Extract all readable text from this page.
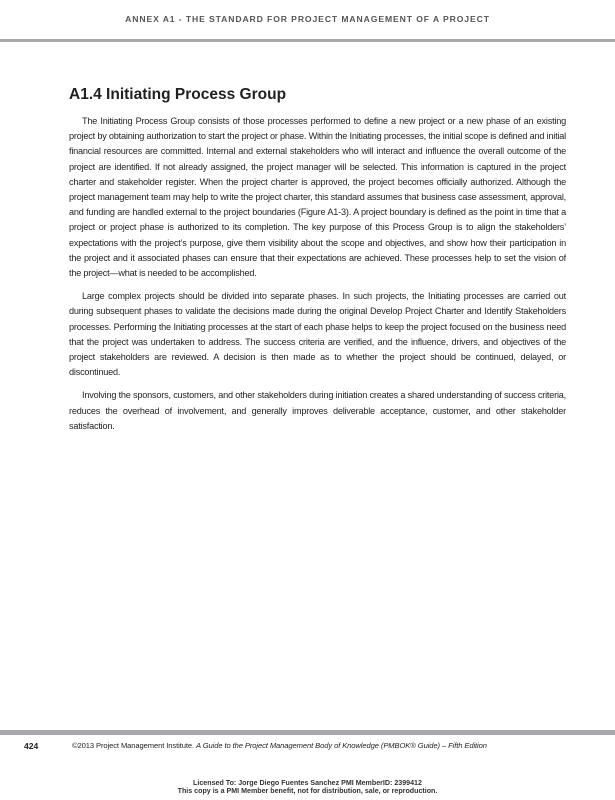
ANNEX A1 - THE STANDARD FOR PROJECT MANAGEMENT OF A PROJECT
A1.4 Initiating Process Group

The Initiating Process Group consists of those processes performed to define a new project or a new phase of an existing project by obtaining authorization to start the project or phase. Within the Initiating processes, the initial scope is defined and initial financial resources are committed. Internal and external stakeholders who will interact and influence the overall outcome of the project are identified. If not already assigned, the project manager will be selected. This information is captured in the project charter and stakeholder register. When the project charter is approved, the project becomes officially authorized. Although the project management team may help to write the project charter, this standard assumes that business case assessment, approval, and funding are handled external to the project boundaries (Figure A1-3). A project boundary is defined as the point in time that a project or project phase is authorized to its completion. The key purpose of this Process Group is to align the stakeholders’ expectations with the project’s purpose, give them visibility about the scope and objectives, and show how their participation in the project and it associated phases can ensure that their expectations are achieved. These processes help to set the vision of the project—what is needed to be accomplished.

Large complex projects should be divided into separate phases. In such projects, the Initiating processes are carried out during subsequent phases to validate the decisions made during the original Develop Project Charter and Identify Stakeholders processes. Performing the Initiating processes at the start of each phase helps to keep the project focused on the business need that the project was undertaken to address. The success criteria are verified, and the influence, drivers, and objectives of the project stakeholders are reviewed. A decision is then made as to whether the project should be continued, delayed, or discontinued.

Involving the sponsors, customers, and other stakeholders during initiation creates a shared understanding of success criteria, reduces the overhead of involvement, and generally improves deliverable acceptance, customer, and other stakeholder satisfaction.

424	©2013 Project Management Institute. A Guide to the Project Management Body of Knowledge (PMBOK® Guide) – Fifth Edition
Licensed To: Jorge Diego Fuentes Sanchez PMI MemberID: 2399412
This copy is a PMI Member benefit, not for distribution, sale, or reproduction.
